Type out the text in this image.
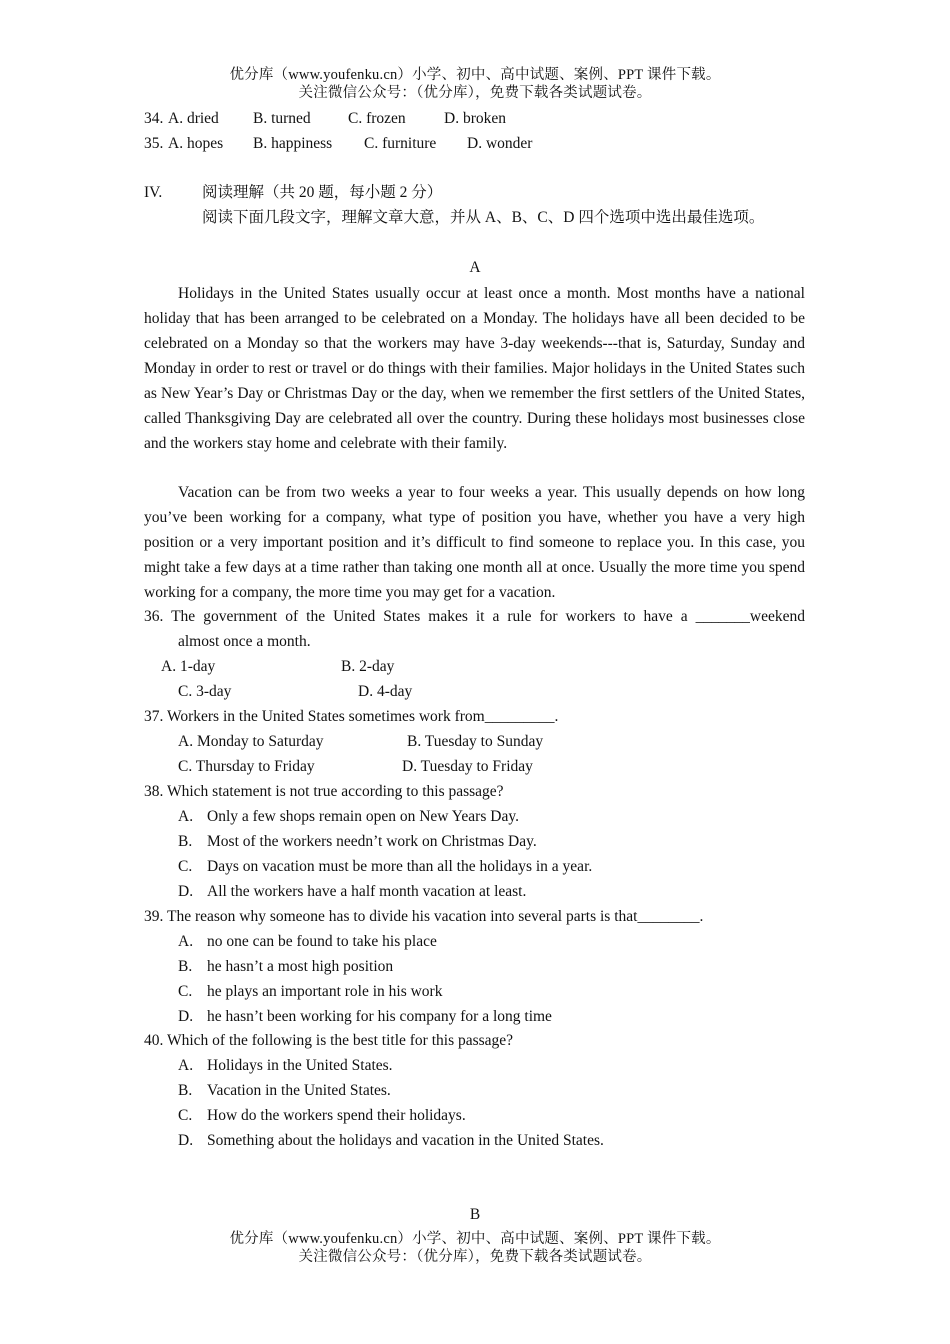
优分库（www.youfenku.cn）小学、初中、高中试题、案例、PPT 课件下载。
关注微信公众号：（优分库），免费下载各类试题试卷。
34. A. dried B. turned C. frozen D. broken
35. A. hopes B. happiness C. furniture D. wonder
IV.	阅读理解（共 20 题，每小题 2 分）
阅读下面几段文字，理解文章大意，并从 A、B、C、D 四个选项中选出最佳选项。
A
Holidays in the United States usually occur at least once a month. Most months have a national holiday that has been arranged to be celebrated on a Monday. The holidays have all been decided to be celebrated on a Monday so that the workers may have 3-day weekends---that is, Saturday, Sunday and Monday in order to rest or travel or do things with their families. Major holidays in the United States such as New Year’s Day or Christmas Day or the day, when we remember the first settlers of the United States, called Thanksgiving Day are celebrated all over the country. During these holidays most businesses close and the workers stay home and celebrate with their family.
Vacation can be from two weeks a year to four weeks a year. This usually depends on how long you’ve been working for a company, what type of position you have, whether you have a very high position or a very important position and it’s difficult to find someone to replace you. In this case, you might take a few days at a time rather than taking one month all at once. Usually the more time you spend working for a company, the more time you may get for a vacation.
36. The government of the United States makes it a rule for workers to have a _______weekend
almost once a month.
A. 1-day	B. 2-day
C. 3-day	D. 4-day
37. Workers in the United States sometimes work from_________.
A. Monday to Saturday	B. Tuesday to Sunday
C. Thursday to Friday	D. Tuesday to Friday
38. Which statement is not true according to this passage?
A. Only a few shops remain open on New Years Day.
B. Most of the workers needn’t work on Christmas Day.
C. Days on vacation must be more than all the holidays in a year.
D. All the workers have a half month vacation at least.
39. The reason why someone has to divide his vacation into several parts is that________.
A. no one can be found to take his place
B. he hasn’t a most high position
C. he plays an important role in his work
D. he hasn’t been working for his company for a long time
40. Which of the following is the best title for this passage?
A. Holidays in the United States.
B. Vacation in the United States.
C. How do the workers spend their holidays.
D. Something about the holidays and vacation in the United States.
B
优分库（www.youfenku.cn）小学、初中、高中试题、案例、PPT 课件下载。
关注微信公众号：（优分库），免费下载各类试题试卷。
